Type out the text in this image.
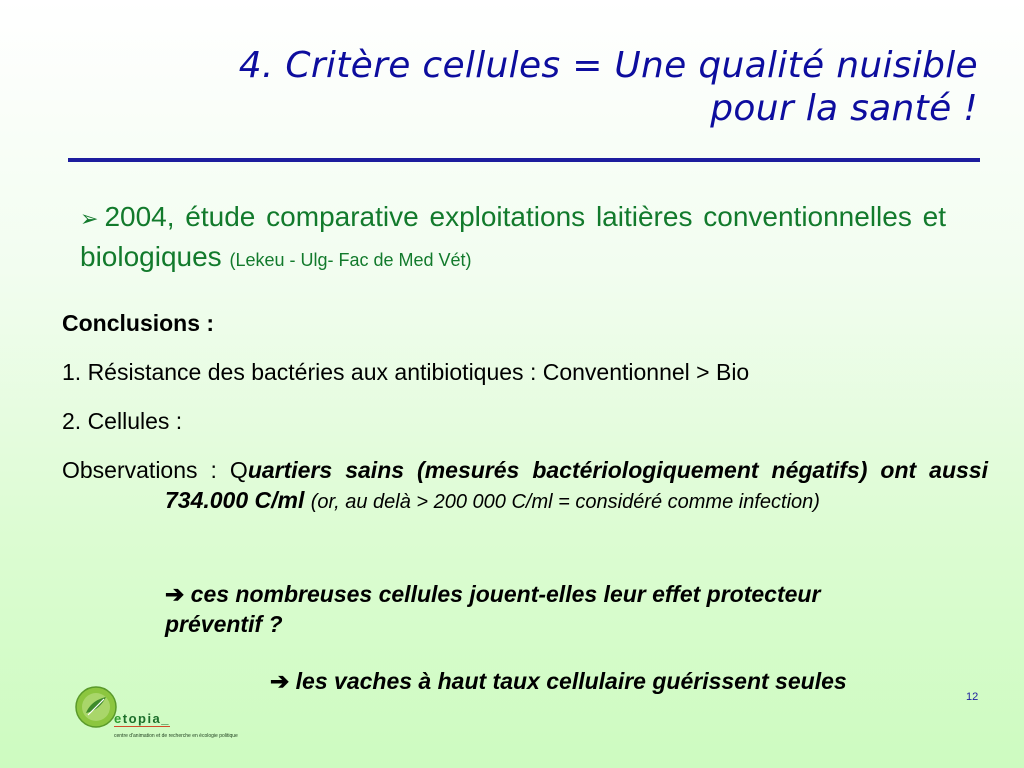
4. Critère cellules = Une qualité nuisible
pour la santé !
➢ 2004, étude comparative exploitations laitières conventionnelles et biologiques (Lekeu - Ulg- Fac de Med Vét)

Conclusions :

1. Résistance des bactéries aux antibiotiques : Conventionnel > Bio

2. Cellules :

Observations : Quartiers sains (mesurés bactériologiquement négatifs) ont aussi 734.000 C/ml (or, au delà > 200 000 C/ml = considéré comme infection)

➔ ces nombreuses cellules jouent-elles leur effet protecteur préventif ?
➔ les vaches à haut taux cellulaire guérissent seules
12
etopia_
centre d'animation et de recherche en écologie politique
